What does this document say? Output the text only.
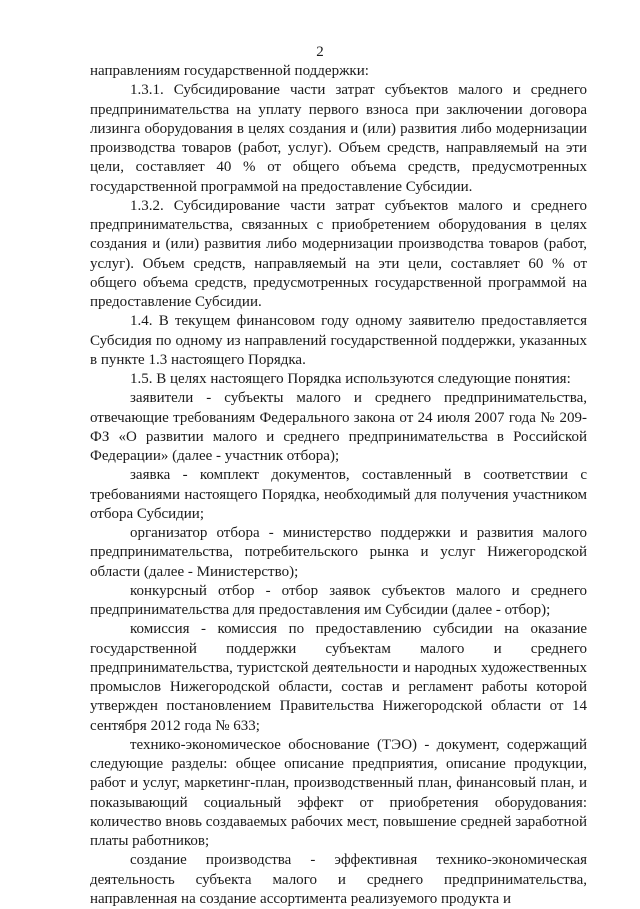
2

направлениям государственной поддержки:

1.3.1. Субсидирование части затрат субъектов малого и среднего предпринимательства на уплату первого взноса при заключении договора лизинга оборудования в целях создания и (или) развития либо модернизации производства товаров (работ, услуг). Объем средств, направляемый на эти цели, составляет 40 % от общего объема средств, предусмотренных государственной программой на предоставление Субсидии.

1.3.2. Субсидирование части затрат субъектов малого и среднего предпринимательства, связанных с приобретением оборудования в целях создания и (или) развития либо модернизации производства товаров (работ, услуг). Объем средств, направляемый на эти цели, составляет 60 % от общего объема средств, предусмотренных государственной программой на предоставление Субсидии.

1.4. В текущем финансовом году одному заявителю предоставляется Субсидия по одному из направлений государственной поддержки, указанных в пункте 1.3 настоящего Порядка.

1.5. В целях настоящего Порядка используются следующие понятия:

заявители - субъекты малого и среднего предпринимательства, отвечающие требованиям Федерального закона от 24 июля 2007 года № 209-ФЗ «О развитии малого и среднего предпринимательства в Российской Федерации» (далее - участник отбора);

заявка - комплект документов, составленный в соответствии с требованиями настоящего Порядка, необходимый для получения участником отбора Субсидии;

организатор отбора - министерство поддержки и развития малого предпринимательства, потребительского рынка и услуг Нижегородской области (далее - Министерство);

конкурсный отбор - отбор заявок субъектов малого и среднего предпринимательства для предоставления им Субсидии (далее - отбор);

комиссия - комиссия по предоставлению субсидии на оказание государственной поддержки субъектам малого и среднего предпринимательства, туристской деятельности и народных художественных промыслов Нижегородской области, состав и регламент работы которой утвержден постановлением Правительства Нижегородской области от 14 сентября 2012 года № 633;

технико-экономическое обоснование (ТЭО) - документ, содержащий следующие разделы: общее описание предприятия, описание продукции, работ и услуг, маркетинг-план, производственный план, финансовый план, и показывающий социальный эффект от приобретения оборудования: количество вновь создаваемых рабочих мест, повышение средней заработной платы работников;

создание производства - эффективная технико-экономическая деятельность субъекта малого и среднего предпринимательства, направленная на создание ассортимента реализуемого продукта и
